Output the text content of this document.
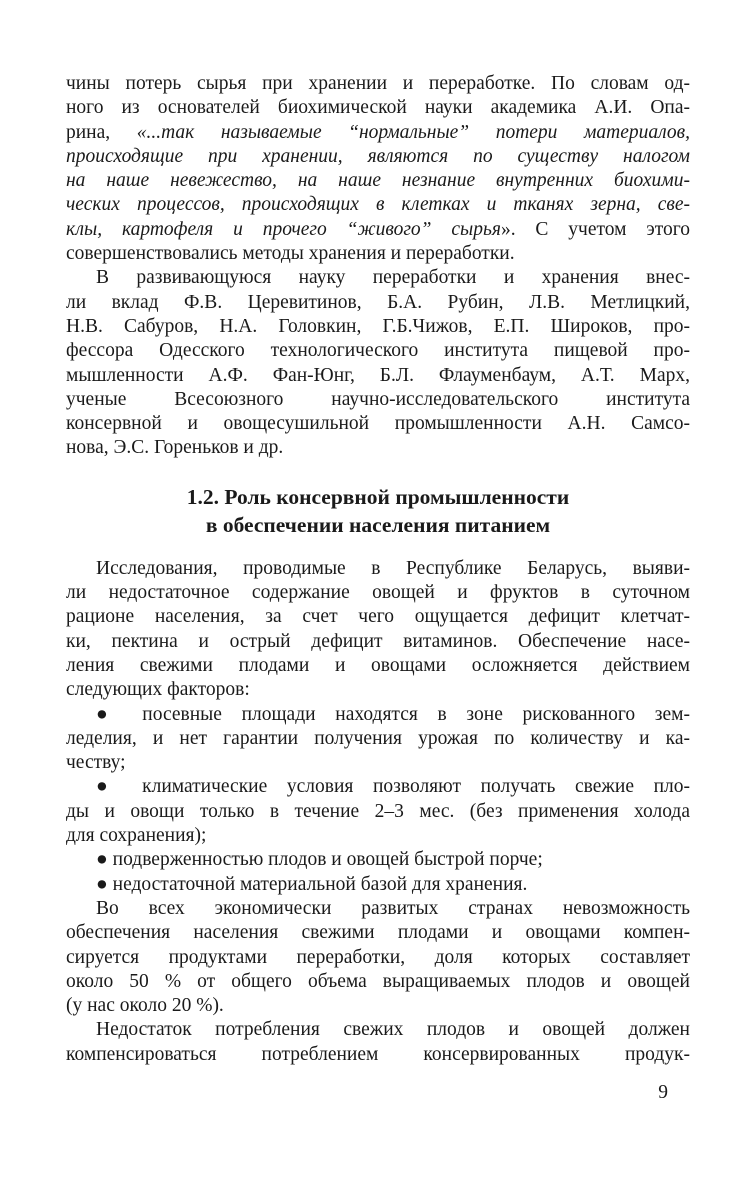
чины потерь сырья при хранении и переработке. По словам од-
ного из основателей биохимической науки академика А.И. Опа-
рина, «...так называемые “нормальные” потери материалов,
происходящие при хранении, являются по существу налогом
на наше невежество, на наше незнание внутренних биохими-
ческих процессов, происходящих в клетках и тканях зерна, све-
клы, картофеля и прочего “живого” сырья». С учетом этого
совершенствовались методы хранения и переработки.
В развивающуюся науку переработки и хранения внес-
ли вклад Ф.В. Церевитинов, Б.А. Рубин, Л.В. Метлицкий,
Н.В. Сабуров, Н.А. Головкин, Г.Б.Чижов, Е.П. Широков, про-
фессора Одесского технологического института пищевой про-
мышленности А.Ф. Фан-Юнг, Б.Л. Флауменбаум, А.Т. Марх,
ученые Всесоюзного научно-исследовательского института
консервной и овощесушильной промышленности А.Н. Самсо-
нова, Э.С. Гореньков и др.
1.2. Роль консервной промышленности
в обеспечении населения питанием
Исследования, проводимые в Республике Беларусь, выяви-
ли недостаточное содержание овощей и фруктов в суточном
рационе населения, за счет чего ощущается дефицит клетчат-
ки, пектина и острый дефицит витаминов. Обеспечение насе-
ления свежими плодами и овощами осложняется действием
следующих факторов:
● посевные площади находятся в зоне рискованного зем-
леделия, и нет гарантии получения урожая по количеству и ка-
честву;
● климатические условия позволяют получать свежие пло-
ды и овощи только в течение 2–3 мес. (без применения холода
для сохранения);
● подверженностью плодов и овощей быстрой порче;
● недостаточной материальной базой для хранения.
Во всех экономически развитых странах невозможность
обеспечения населения свежими плодами и овощами компен-
сируется продуктами переработки, доля которых составляет
около 50 % от общего объема выращиваемых плодов и овощей
(у нас около 20 %).
Недостаток потребления свежих плодов и овощей должен
компенсироваться потреблением консервированных продук-
9
